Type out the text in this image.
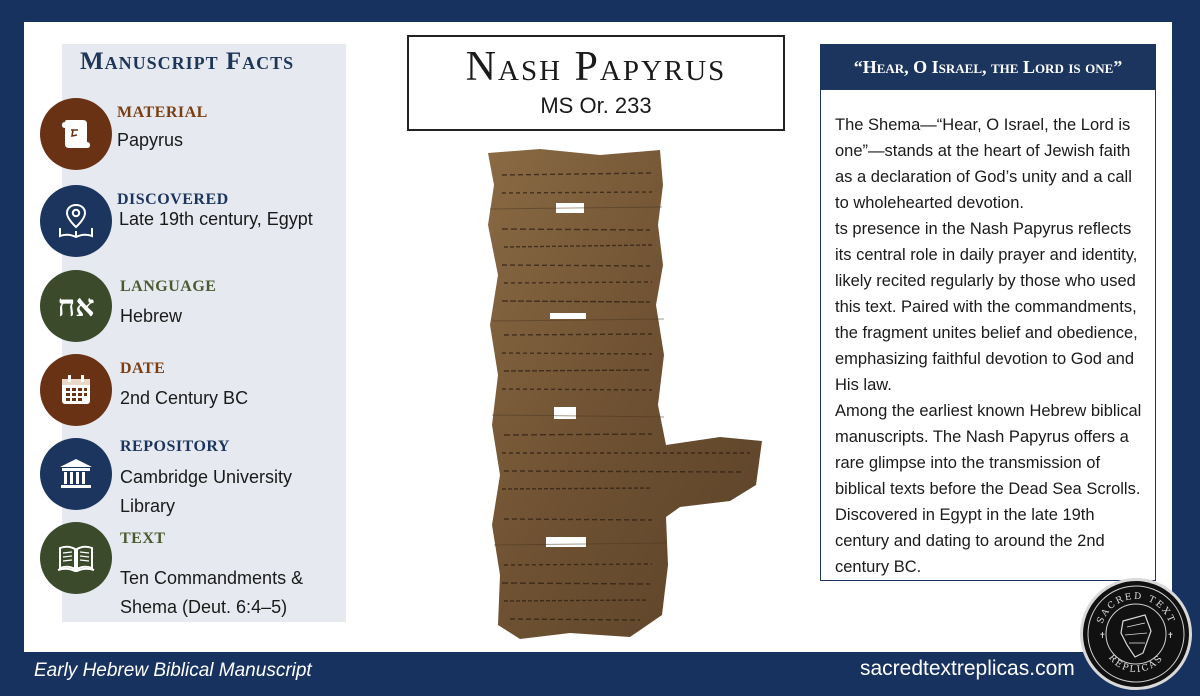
Manuscript Facts
MATERIAL
Papyrus
DISCOVERED
Late 19th century, Egypt
אח
LANGUAGE
Hebrew
DATE
2nd Century BC
REPOSITORY
Cambridge University Library
TEXT
Ten Commandments &
Shema (Deut. 6:4–5)
Nash Papyrus
MS Or. 233
“Hear, O Israel, the Lord is one”

The Shema—“Hear, O Israel, the Lord is one”—stands at the heart of Jewish faith as a declaration of God’s unity and a call to wholehearted devotion.

ts presence in the Nash Papyrus reflects its central role in daily prayer and identity, likely recited regularly by those who used this text. Paired with the commandments, the fragment unites belief and obedience, emphasizing faithful devotion to God and His law.

Among the earliest known Hebrew biblical manuscripts. The Nash Papyrus offers a rare glimpse into the transmission of biblical texts before the Dead Sea Scrolls. Discovered in Egypt in the late 19th century and dating to around the 2nd century BC.

Early Hebrew Biblical Manuscript	sacredtextreplicas.com
SACRED TEXT
REPLICAS
✝	✝
